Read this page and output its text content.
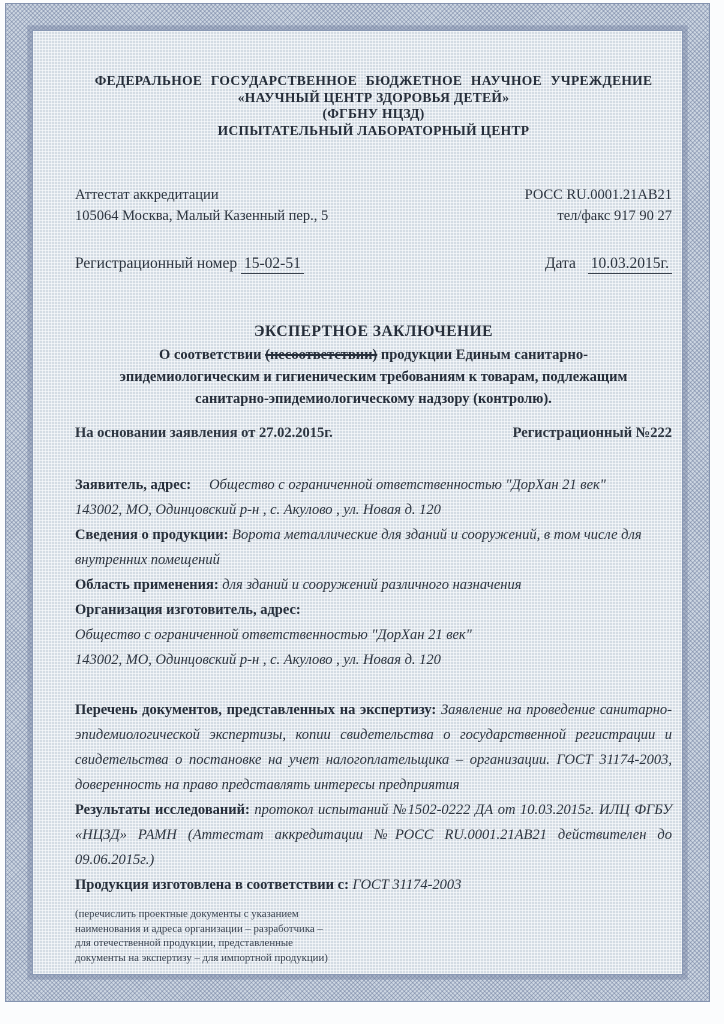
ФЕДЕРАЛЬНОЕ ГОСУДАРСТВЕННОЕ БЮДЖЕТНОЕ НАУЧНОЕ УЧРЕЖДЕНИЕ
«НАУЧНЫЙ ЦЕНТР ЗДОРОВЬЯ ДЕТЕЙ»
(ФГБНУ НЦЗД)
ИСПЫТАТЕЛЬНЫЙ ЛАБОРАТОРНЫЙ ЦЕНТР
Аттестат аккредитации
105064 Москва, Малый Казенный пер., 5
РОСС RU.0001.21АВ21
тел/факс 917 90 27
Регистрационный номер 15-02-51	Дата 10.03.2015г.
ЭКСПЕРТНОЕ ЗАКЛЮЧЕНИЕ
О соответствии (несоответствии) продукции Единым санитарно-
эпидемиологическим и гигиеническим требованиям к товарам, подлежащим
санитарно-эпидемиологическому надзору (контролю).
На основании заявления от 27.02.2015г.	Регистрационный №222

Заявитель, адрес: Общество с ограниченной ответственностью "ДорХан 21 век"

143002, МО, Одинцовский р-н , с. Акулово , ул. Новая д. 120

Сведения о продукции: Ворота металлические для зданий и сооружений, в том числе для внутренних помещений

Область применения: для зданий и сооружений различного назначения

Организация изготовитель, адрес:

Общество с ограниченной ответственностью "ДорХан 21 век"

143002, МО, Одинцовский р-н , с. Акулово , ул. Новая д. 120

Перечень документов, представленных на экспертизу: Заявление на проведение санитарно-эпидемиологической экспертизы, копии свидетельства о государственной регистрации и свидетельства о постановке на учет налогоплательщика – организации. ГОСТ 31174-2003, доверенность на право представлять интересы предприятия

Результаты исследований: протокол испытаний №1502-0222 ДА от 10.03.2015г. ИЛЦ ФГБУ «НЦЗД» РАМН (Аттестат аккредитации №РОСС RU.0001.21АВ21 действителен до 09.06.2015г.)

Продукция изготовлена в соответствии с: ГОСТ 31174-2003

(перечислить проектные документы с указанием
наименования и адреса организации – разработчика –
для отечественной продукции, представленные
документы на экспертизу – для импортной продукции)
